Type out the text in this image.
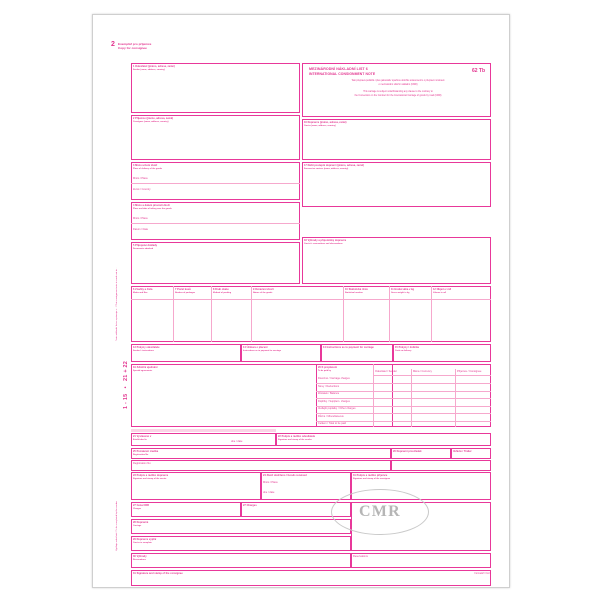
2 Exemplář pro příjemce
Copy for consignee
MEZINÁRODNÍ NÁKLADNÍ LIST 6
INTERNATIONAL CONSIGNMENT NOTE
62 Tb
Tato přeprava podléhá i přes jakoukoliv opačnou doložku ustanovením o přepravní smlouvě
o mezinárodní silniční nákladní (CMR)
This carriage is subject notwithstanding any clause to the contrary to
the Convention on the Contract for the International Carriage of goods by road (CMR)
Tento nákladní list se vystavuje v... / This consignment note is made out in...
1 - 15   •   21 + 22
Vyplňuje odesílatel / To be completed by the sender
1 Odesílatel (jméno, adresa, země)
Sender (name, address, country)
2 Příjemce (jméno, adresa, země)
Consignee (name, address, country)
3 Místo určení zboží
Place of delivery of the goods
Místo / Place
Země / Country
4 Místo a datum převzetí zboží
Place and date of taking over the goods
Místo / Place
Datum / Date
5 Připojené doklady
Documents attached
16 Dopravce (jméno, adresa, země)
Carrier (name, address, country)
17 Další postupní dopravci (jméno, adresa, země)
Successive carriers (name, address, country)
18 Výhrady a připomínky dopravce
Carrier's reservations and observations
6 Značky a čísla
Marks and Nos
7 Počet kusů
Number of packages
8 Druh obalu
Method of packing
9 Označení zboží
Nature of the goods
10 Statistické číslo
Statistical number
11 Hrubá váha v kg
Gross weight in kg
12 Objem v m3
Volume in m3
13 Pokyny odesílatele
Sender's instructions
14 Úmluva o placení
Instructions as to payment for carriage
14 Instructions as to payment for carriage	15 Pokyny / dobírka
Cash on delivery
19 Zvláštní ujednání
Special agreements
20 K proplacení
To be paid by	Odesílatel / Sender	Měna / Currency	Příjemce / Consignee
Dovozné / Carriage charges
Slevy / Deductions
Zůstatek / Balance
Doplňky / Supplem. charges
Vedlejší poplatky / Other charges
Různé / Miscellaneous
Celkem / Total to be paid
21 Vystaveno v
Established in
dne / date
22 Podpis a razítko odesílatele
Signature and stamp of the sender
25 Poznávací značka
Registration No
26 Dopravní prostředek	Vehicle / Trailer
Registration No
23 Podpis a razítko dopravce
Signature and stamp of the carrier
24 Zboží obdrženo / Goods received
Místo / Place
dne / date
31 Podpis a razítko příjemce
Signature and stamp of the consignee
27 Cena CDR
Charges
27 Charges
28 Dopravné
Carriage
29 Dopravce vyplní
Carrier to complete
30 Výhrady
Reservations
Reservations
31 Signature and stamp of the consignee	Formulář / Form
CMR
